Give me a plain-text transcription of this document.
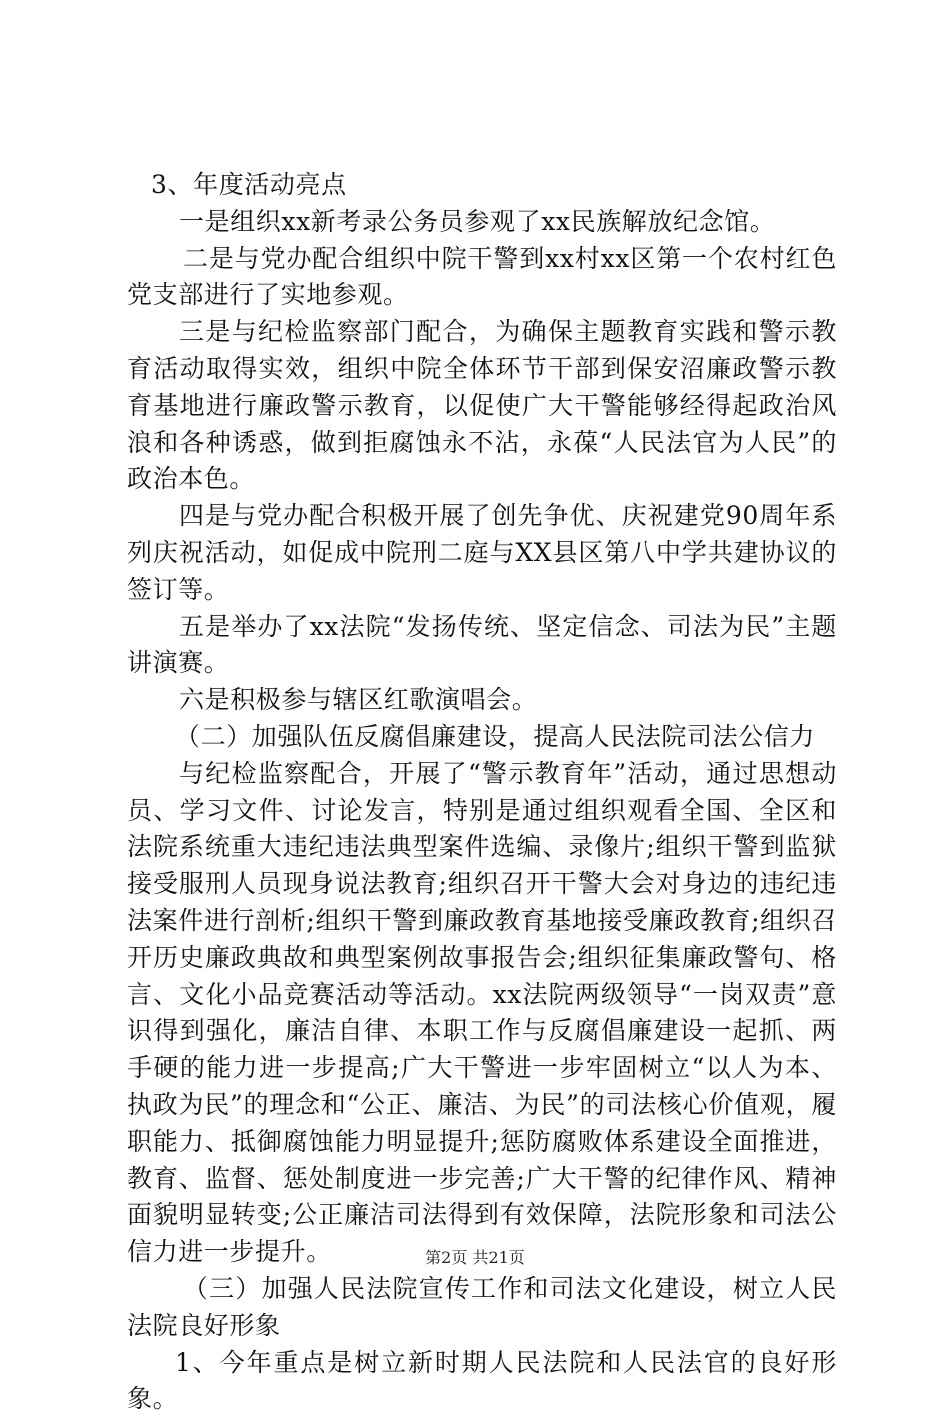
3、年度活动亮点

一是组织xx新考录公务员参观了xx民族解放纪念馆。

二是与党办配合组织中院干警到xx村xx区第一个农村红色党支部进行了实地参观。

三是与纪检监察部门配合，为确保主题教育实践和警示教育活动取得实效，组织中院全体环节干部到保安沼廉政警示教育基地进行廉政警示教育，以促使广大干警能够经得起政治风浪和各种诱惑，做到拒腐蚀永不沾，永葆“人民法官为人民”的政治本色。

四是与党办配合积极开展了创先争优、庆祝建党90周年系列庆祝活动，如促成中院刑二庭与XX县区第八中学共建协议的签订等。

五是举办了xx法院“发扬传统、坚定信念、司法为民”主题讲演赛。

六是积极参与辖区红歌演唱会。

（二）加强队伍反腐倡廉建设，提高人民法院司法公信力

与纪检监察配合，开展了“警示教育年”活动，通过思想动员、学习文件、讨论发言，特别是通过组织观看全国、全区和法院系统重大违纪违法典型案件选编、录像片;组织干警到监狱接受服刑人员现身说法教育;组织召开干警大会对身边的违纪违法案件进行剖析;组织干警到廉政教育基地接受廉政教育;组织召开历史廉政典故和典型案例故事报告会;组织征集廉政警句、格言、文化小品竞赛活动等活动。xx法院两级领导“一岗双责”意识得到强化，廉洁自律、本职工作与反腐倡廉建设一起抓、两手硬的能力进一步提高;广大干警进一步牢固树立“以人为本、执政为民”的理念和“公正、廉洁、为民”的司法核心价值观，履职能力、抵御腐蚀能力明显提升;惩防腐败体系建设全面推进，教育、监督、惩处制度进一步完善;广大干警的纪律作风、精神面貌明显转变;公正廉洁司法得到有效保障，法院形象和司法公信力进一步提升。

（三）加强人民法院宣传工作和司法文化建设，树立人民法院良好形象

1、今年重点是树立新时期人民法院和人民法官的良好形象。

第2页 共21页
